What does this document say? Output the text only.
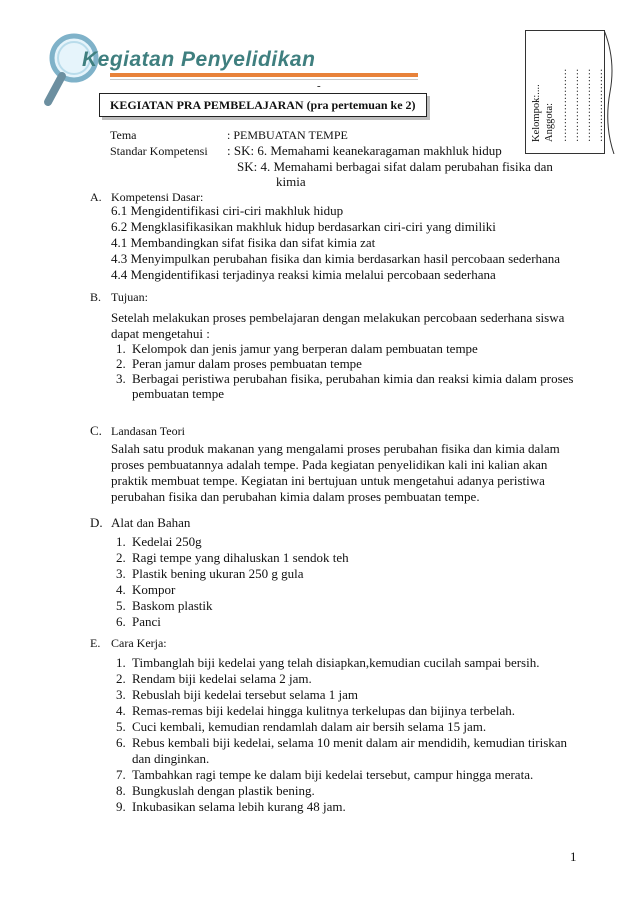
Kegiatan Penyelidikan
-
KEGIATAN PRA PEMBELAJARAN (pra pertemuan ke 2)	Kelompok:.... Anggota: ………………… ………………… ………………… …………………
Tema	: PEMBUATAN TEMPE
Standar Kompetensi : SK: 6. Memahami keanekaragaman makhluk hidup
SK: 4. Memahami berbagai sifat dalam perubahan fisika dan
kimia
A. Kompetensi Dasar:
6.1 Mengidentifikasi ciri-ciri makhluk hidup
6.2 Mengklasifikasikan makhluk hidup berdasarkan ciri-ciri yang dimiliki
4.1 Membandingkan sifat fisika dan sifat kimia zat
4.3 Menyimpulkan perubahan fisika dan kimia berdasarkan hasil percobaan sederhana
4.4 Mengidentifikasi terjadinya reaksi kimia melalui percobaan sederhana
B. Tujuan:
Setelah melakukan proses pembelajaran dengan melakukan percobaan sederhana siswa
dapat mengetahui :
1. Kelompok dan jenis jamur yang berperan dalam pembuatan tempe
2. Peran jamur dalam proses pembuatan tempe
3. Berbagai peristiwa perubahan fisika, perubahan kimia dan reaksi kimia dalam proses
pembuatan tempe
C. Landasan Teori
Salah satu produk makanan yang mengalami proses perubahan fisika dan kimia dalam
proses pembuatannya adalah tempe. Pada kegiatan penyelidikan kali ini kalian akan
praktik membuat tempe. Kegiatan ini bertujuan untuk mengetahui adanya peristiwa
perubahan fisika dan perubahan kimia dalam proses pembuatan tempe.
D. Alat dan Bahan
1. Kedelai 250g
2. Ragi tempe yang dihaluskan 1 sendok teh
3. Plastik bening ukuran 250 g gula
4. Kompor
5. Baskom plastik
6. Panci
E. Cara Kerja:
1. Timbanglah biji kedelai yang telah disiapkan,kemudian cucilah sampai bersih.
2. Rendam biji kedelai selama 2 jam.
3. Rebuslah biji kedelai tersebut selama 1 jam
4. Remas-remas biji kedelai hingga kulitnya terkelupas dan bijinya terbelah.
5. Cuci kembali, kemudian rendamlah dalam air bersih selama 15 jam.
6. Rebus kembali biji kedelai, selama 10 menit dalam air mendidih, kemudian tiriskan
dan dinginkan.
7. Tambahkan ragi tempe ke dalam biji kedelai tersebut, campur hingga merata.
8. Bungkuslah dengan plastik bening.
9. Inkubasikan selama lebih kurang 48 jam.
1
